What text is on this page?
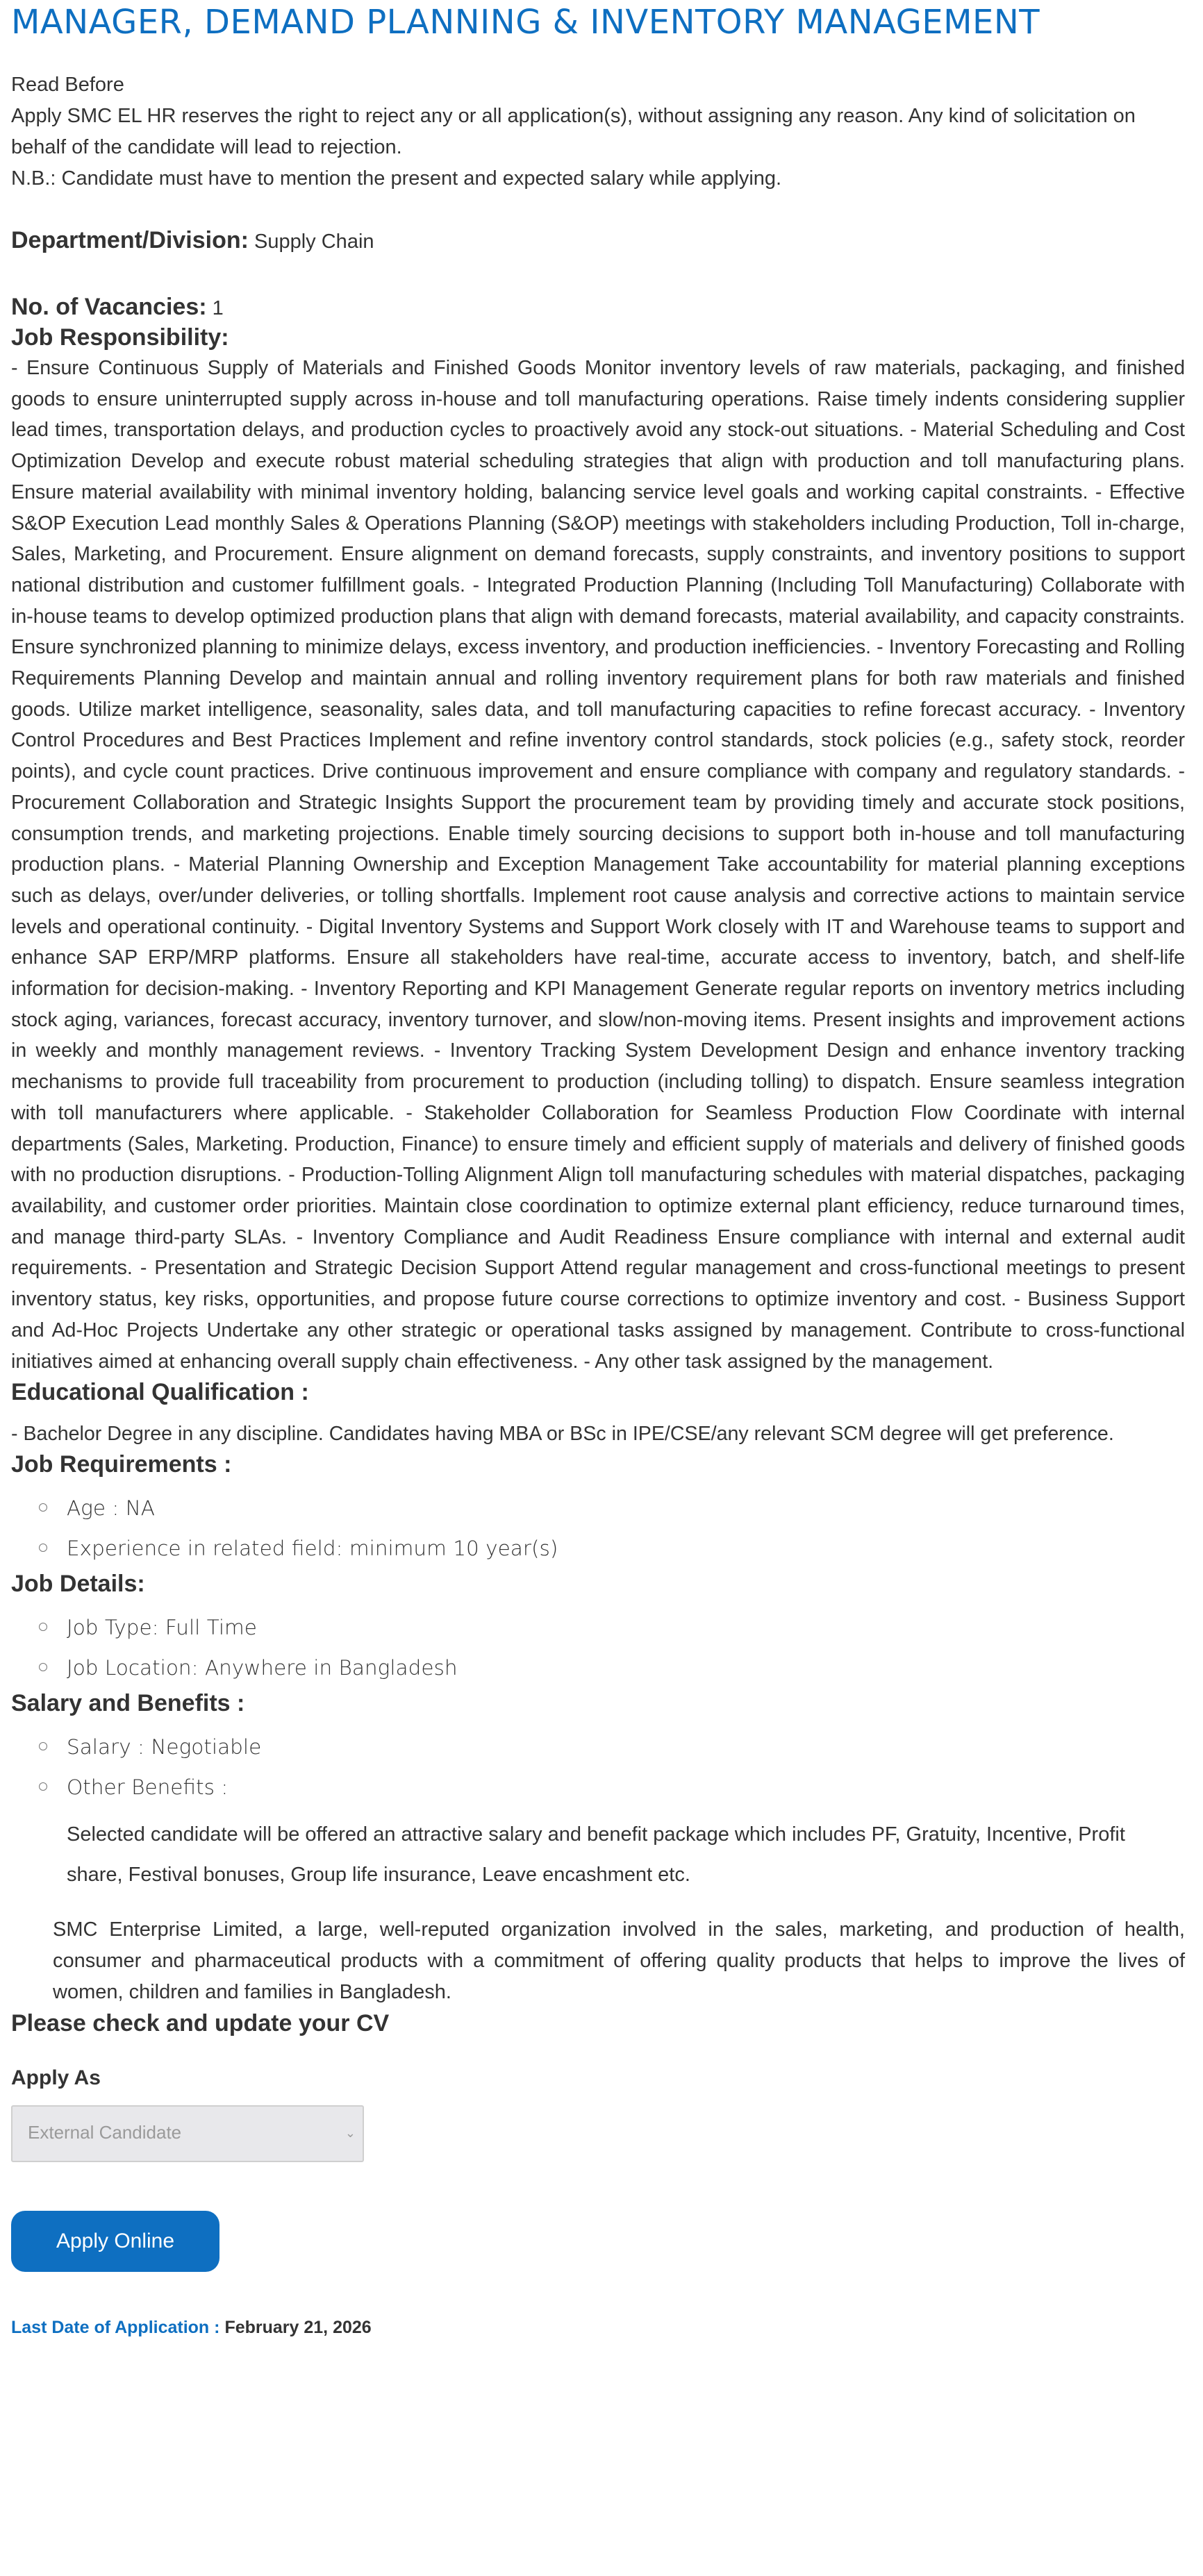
MANAGER, DEMAND PLANNING & INVENTORY MANAGEMENT
Read Before
Apply SMC EL HR reserves the right to reject any or all application(s), without assigning any reason. Any kind of solicitation on behalf of the candidate will lead to rejection.
N.B.: Candidate must have to mention the present and expected salary while applying.
Department/Division: Supply Chain
No. of Vacancies: 1
Job Responsibility:

- Ensure Continuous Supply of Materials and Finished Goods Monitor inventory levels of raw materials, packaging, and finished goods to ensure uninterrupted supply across in-house and toll manufacturing operations. Raise timely indents considering supplier lead times, transportation delays, and production cycles to proactively avoid any stock-out situations. - Material Scheduling and Cost Optimization Develop and execute robust material scheduling strategies that align with production and toll manufacturing plans. Ensure material availability with minimal inventory holding, balancing service level goals and working capital constraints. - Effective S&OP Execution Lead monthly Sales & Operations Planning (S&OP) meetings with stakeholders including Production, Toll in-charge, Sales, Marketing, and Procurement. Ensure alignment on demand forecasts, supply constraints, and inventory positions to support national distribution and customer fulfillment goals. - Integrated Production Planning (Including Toll Manufacturing) Collaborate with in-house teams to develop optimized production plans that align with demand forecasts, material availability, and capacity constraints. Ensure synchronized planning to minimize delays, excess inventory, and production inefficiencies. - Inventory Forecasting and Rolling Requirements Planning Develop and maintain annual and rolling inventory requirement plans for both raw materials and finished goods. Utilize market intelligence, seasonality, sales data, and toll manufacturing capacities to refine forecast accuracy. - Inventory Control Procedures and Best Practices Implement and refine inventory control standards, stock policies (e.g., safety stock, reorder points), and cycle count practices. Drive continuous improvement and ensure compliance with company and regulatory standards. - Procurement Collaboration and Strategic Insights Support the procurement team by providing timely and accurate stock positions, consumption trends, and marketing projections. Enable timely sourcing decisions to support both in-house and toll manufacturing production plans. - Material Planning Ownership and Exception Management Take accountability for material planning exceptions such as delays, over/under deliveries, or tolling shortfalls. Implement root cause analysis and corrective actions to maintain service levels and operational continuity. - Digital Inventory Systems and Support Work closely with IT and Warehouse teams to support and enhance SAP ERP/MRP platforms. Ensure all stakeholders have real-time, accurate access to inventory, batch, and shelf-life information for decision-making. - Inventory Reporting and KPI Management Generate regular reports on inventory metrics including stock aging, variances, forecast accuracy, inventory turnover, and slow/non-moving items. Present insights and improvement actions in weekly and monthly management reviews. - Inventory Tracking System Development Design and enhance inventory tracking mechanisms to provide full traceability from procurement to production (including tolling) to dispatch. Ensure seamless integration with toll manufacturers where applicable. - Stakeholder Collaboration for Seamless Production Flow Coordinate with internal departments (Sales, Marketing. Production, Finance) to ensure timely and efficient supply of materials and delivery of finished goods with no production disruptions. - Production-Tolling Alignment Align toll manufacturing schedules with material dispatches, packaging availability, and customer order priorities. Maintain close coordination to optimize external plant efficiency, reduce turnaround times, and manage third-party SLAs. - Inventory Compliance and Audit Readiness Ensure compliance with internal and external audit requirements. - Presentation and Strategic Decision Support Attend regular management and cross-functional meetings to present inventory status, key risks, opportunities, and propose future course corrections to optimize inventory and cost. - Business Support and Ad-Hoc Projects Undertake any other strategic or operational tasks assigned by management. Contribute to cross-functional initiatives aimed at enhancing overall supply chain effectiveness. - Any other task assigned by the management.

Educational Qualification :
- Bachelor Degree in any discipline. Candidates having MBA or BSc in IPE/CSE/any relevant SCM degree will get preference.
Job Requirements :
Age : NA
Experience in related field: minimum 10 year(s)
Job Details:
Job Type: Full Time
Job Location: Anywhere in Bangladesh
Salary and Benefits :
Salary : Negotiable
Other Benefits :
Selected candidate will be offered an attractive salary and benefit package which includes PF, Gratuity, Incentive, Profit share, Festival bonuses, Group life insurance, Leave encashment etc.
SMC Enterprise Limited, a large, well-reputed organization involved in the sales, marketing, and production of health, consumer and pharmaceutical products with a commitment of offering quality products that helps to improve the lives of women, children and families in Bangladesh.
Please check and update your CV
Apply As
External Candidate	⌄
Apply Online
Last Date of Application : February 21, 2026
